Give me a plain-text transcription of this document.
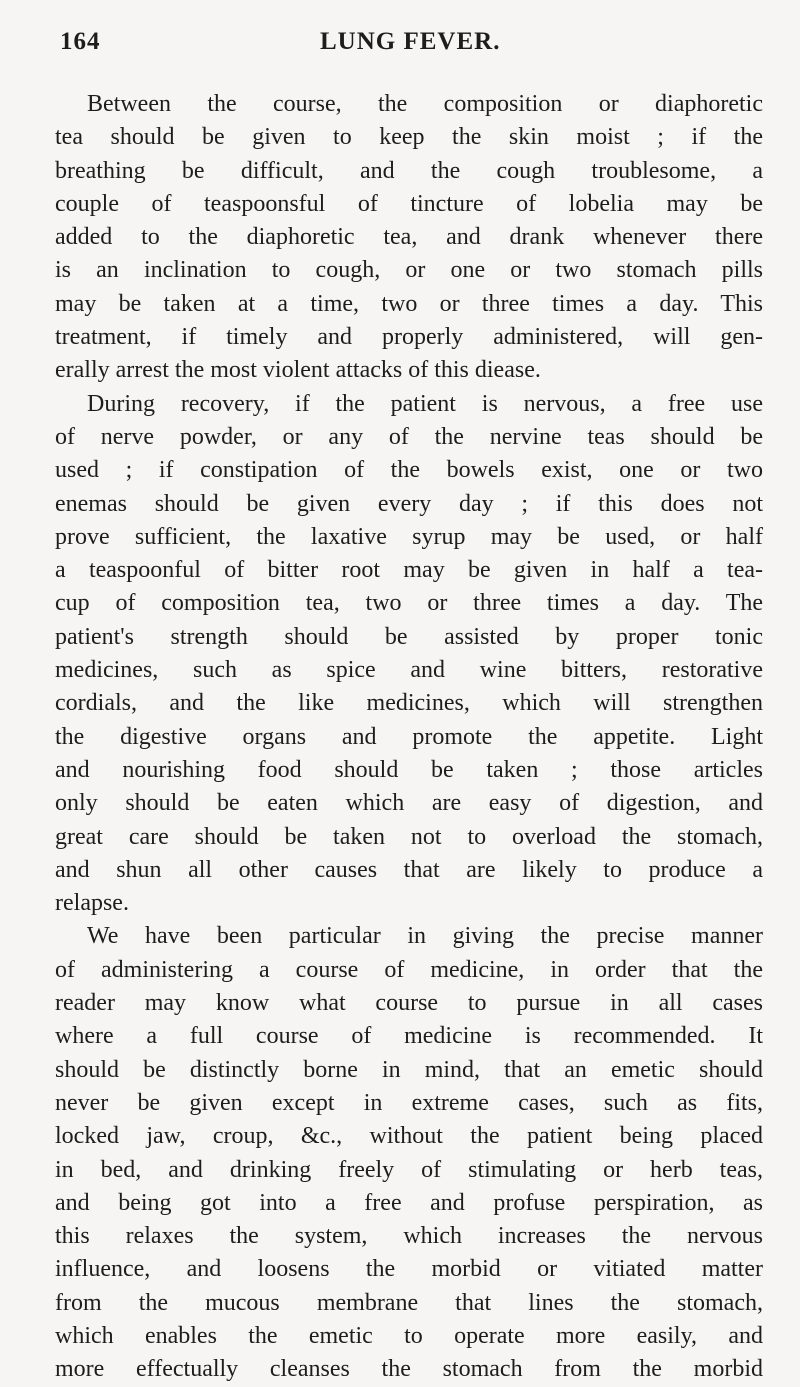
164	LUNG FEVER.
Between the course, the composition or diaphoretic
tea should be given to keep the skin moist ; if the
breathing be difficult, and the cough troublesome, a
couple of teaspoonsful of tincture of lobelia may be
added to the diaphoretic tea, and drank whenever there
is an inclination to cough, or one or two stomach pills
may be taken at a time, two or three times a day. This
treatment, if timely and properly administered, will gen-
erally arrest the most violent attacks of this diease.
During recovery, if the patient is nervous, a free use
of nerve powder, or any of the nervine teas should be
used ; if constipation of the bowels exist, one or two
enemas should be given every day ; if this does not
prove sufficient, the laxative syrup may be used, or half
a teaspoonful of bitter root may be given in half a tea-
cup of composition tea, two or three times a day. The
patient's strength should be assisted by proper tonic
medicines, such as spice and wine bitters, restorative
cordials, and the like medicines, which will strengthen
the digestive organs and promote the appetite. Light
and nourishing food should be taken ; those articles
only should be eaten which are easy of digestion, and
great care should be taken not to overload the stomach,
and shun all other causes that are likely to produce a
relapse.
We have been particular in giving the precise manner
of administering a course of medicine, in order that the
reader may know what course to pursue in all cases
where a full course of medicine is recommended. It
should be distinctly borne in mind, that an emetic should
never be given except in extreme cases, such as fits,
locked jaw, croup, &c., without the patient being placed
in bed, and drinking freely of stimulating or herb teas,
and being got into a free and profuse perspiration, as
this relaxes the system, which increases the nervous
influence, and loosens the morbid or vitiated matter
from the mucous membrane that lines the stomach,
which enables the emetic to operate more easily, and
more effectually cleanses the stomach from the morbid
